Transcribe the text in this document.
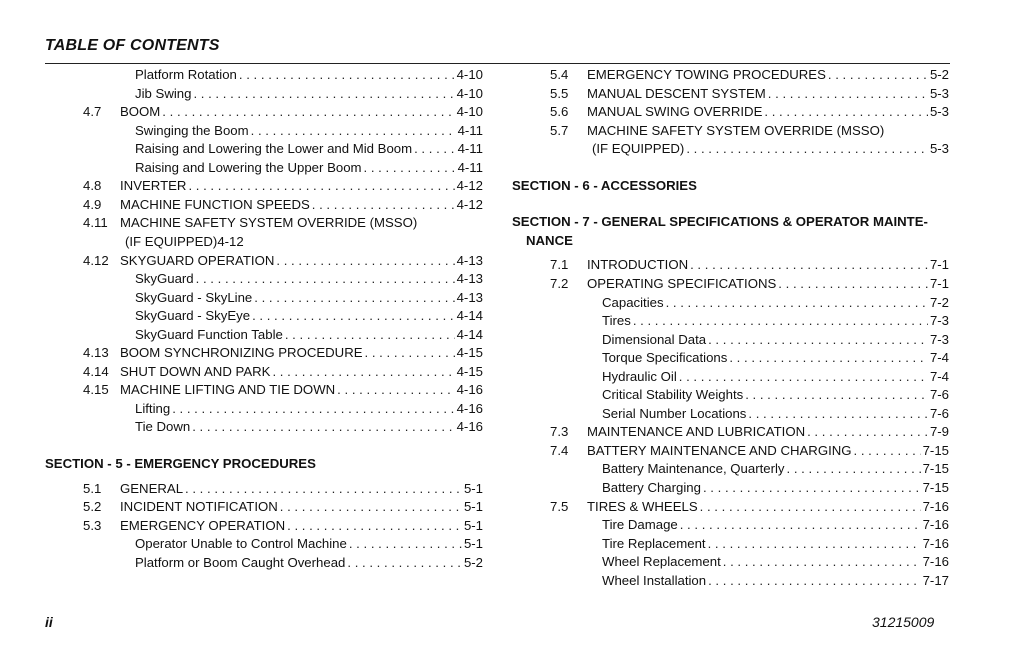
TABLE OF CONTENTS
Platform Rotation . . .	4-10
Jib Swing . . .	4-10
4.7 BOOM . . .	4-10
Swinging the Boom . . .	4-11
Raising and Lowering the Lower and Mid Boom . . .	4-11
Raising and Lowering the Upper Boom . . .	4-11
4.8 INVERTER . . .	4-12
4.9 MACHINE FUNCTION SPEEDS . . .	4-12
4.11 MACHINE SAFETY SYSTEM OVERRIDE (MSSO)
(IF EQUIPPED)4-12
4.12 SKYGUARD OPERATION . . .	4-13
SkyGuard . . .	4-13
SkyGuard - SkyLine . . .	4-13
SkyGuard - SkyEye . . .	4-14
SkyGuard Function Table . . .	4-14
4.13 BOOM SYNCHRONIZING PROCEDURE . . .	4-15
4.14 SHUT DOWN AND PARK . . .	4-15
4.15 MACHINE LIFTING AND TIE DOWN . . .	4-16
Lifting . . .	4-16
Tie Down . . .	4-16
SECTION - 5 - EMERGENCY PROCEDURES
5.1 GENERAL . . .	5-1
5.2 INCIDENT NOTIFICATION . . .	5-1
5.3 EMERGENCY OPERATION . . .	5-1
Operator Unable to Control Machine . . .	5-1
Platform or Boom Caught Overhead . . .	5-2
5.4 EMERGENCY TOWING PROCEDURES . . .	5-2
5.5 MANUAL DESCENT SYSTEM . . .	5-3
5.6 MANUAL SWING OVERRIDE . . .	5-3
5.7 MACHINE SAFETY SYSTEM OVERRIDE (MSSO)
(IF EQUIPPED) . . .	5-3
SECTION - 6 - ACCESSORIES
SECTION - 7 - GENERAL SPECIFICATIONS & OPERATOR MAINTE-
NANCE
7.1 INTRODUCTION . . .	7-1
7.2 OPERATING SPECIFICATIONS . . .	7-1
Capacities . . .	7-2
Tires . . .	7-3
Dimensional Data . . .	7-3
Torque Specifications . . .	7-4
Hydraulic Oil . . .	7-4
Critical Stability Weights . . .	7-6
Serial Number Locations . . .	7-6
7.3 MAINTENANCE AND LUBRICATION . . .	7-9
7.4 BATTERY MAINTENANCE AND CHARGING . . .	7-15
Battery Maintenance, Quarterly . . .	7-15
Battery Charging . . .	7-15
7.5 TIRES & WHEELS . . .	7-16
Tire Damage . . .	7-16
Tire Replacement . . .	7-16
Wheel Replacement . . .	7-16
Wheel Installation . . .	7-17
ii	31215009
